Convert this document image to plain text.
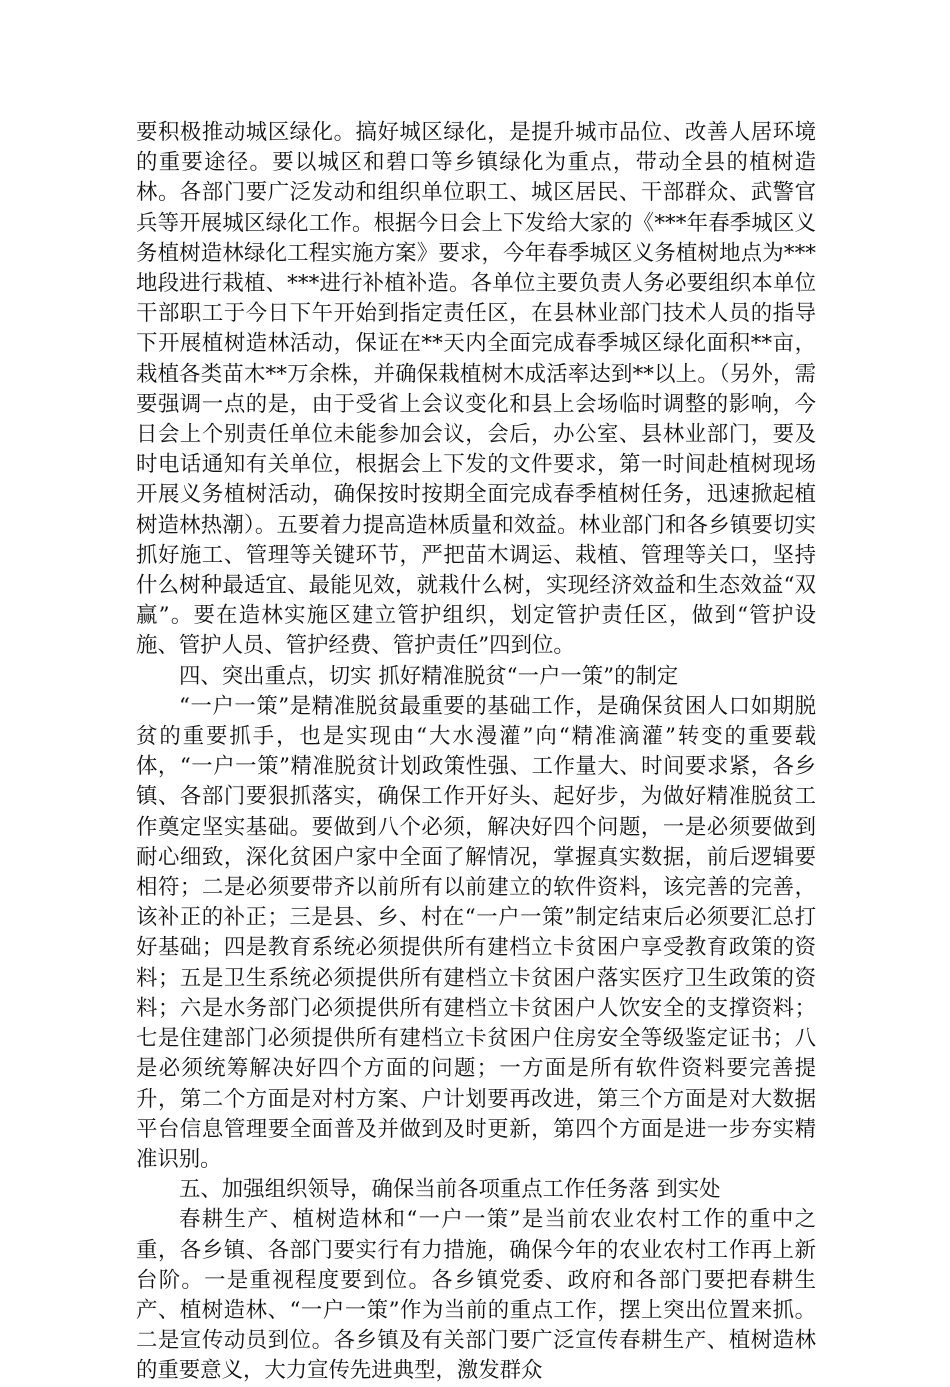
要积极推动城区绿化。搞好城区绿化，是提升城市品位、改善人居环境的重要途径。要以城区和碧口等乡镇绿化为重点，带动全县的植树造林。各部门要广泛发动和组织单位职工、城区居民、干部群众、武警官兵等开展城区绿化工作。根据今日会上下发给大家的《***年春季城区义务植树造林绿化工程实施方案》要求，今年春季城区义务植树地点为***地段进行栽植、***进行补植补造。各单位主要负责人务必要组织本单位干部职工于今日下午开始到指定责任区，在县林业部门技术人员的指导下开展植树造林活动，保证在**天内全面完成春季城区绿化面积**亩，栽植各类苗木**万余株，并确保栽植树木成活率达到**以上。（另外，需要强调一点的是，由于受省上会议变化和县上会场临时调整的影响，今日会上个别责任单位未能参加会议，会后，办公室、县林业部门，要及时电话通知有关单位，根据会上下发的文件要求，第一时间赴植树现场开展义务植树活动，确保按时按期全面完成春季植树任务，迅速掀起植树造林热潮）。五要着力提高造林质量和效益。林业部门和各乡镇要切实抓好施工、管理等关键环节，严把苗木调运、栽植、管理等关口，坚持什么树种最适宜、最能见效，就栽什么树，实现经济效益和生态效益“双赢”。要在造林实施区建立管护组织，划定管护责任区，做到“管护设施、管护人员、管护经费、管护责任”四到位。

四、突出重点，切实 抓好精准脱贫“一户一策”的制定

“一户一策”是精准脱贫最重要的基础工作，是确保贫困人口如期脱贫的重要抓手，也是实现由“大水漫灌”向“精准滴灌”转变的重要载体，“一户一策”精准脱贫计划政策性强、工作量大、时间要求紧，各乡镇、各部门要狠抓落实，确保工作开好头、起好步，为做好精准脱贫工作奠定坚实基础。要做到八个必须，解决好四个问题，一是必须要做到耐心细致，深化贫困户家中全面了解情况，掌握真实数据，前后逻辑要相符；二是必须要带齐以前所有以前建立的软件资料，该完善的完善，该补正的补正；三是县、乡、村在“一户一策”制定结束后必须要汇总打好基础；四是教育系统必须提供所有建档立卡贫困户享受教育政策的资料；五是卫生系统必须提供所有建档立卡贫困户落实医疗卫生政策的资料；六是水务部门必须提供所有建档立卡贫困户人饮安全的支撑资料；七是住建部门必须提供所有建档立卡贫困户住房安全等级鉴定证书；八是必须统筹解决好四个方面的问题；一方面是所有软件资料要完善提升，第二个方面是对村方案、户计划要再改进，第三个方面是对大数据平台信息管理要全面普及并做到及时更新，第四个方面是进一步夯实精准识别。

五、加强组织领导，确保当前各项重点工作任务落 到实处

春耕生产、植树造林和“一户一策”是当前农业农村工作的重中之重，各乡镇、各部门要实行有力措施，确保今年的农业农村工作再上新台阶。一是重视程度要到位。各乡镇党委、政府和各部门要把春耕生产、植树造林、“一户一策”作为当前的重点工作，摆上突出位置来抓。二是宣传动员到位。各乡镇及有关部门要广泛宣传春耕生产、植树造林的重要意义，大力宣传先进典型，激发群众
